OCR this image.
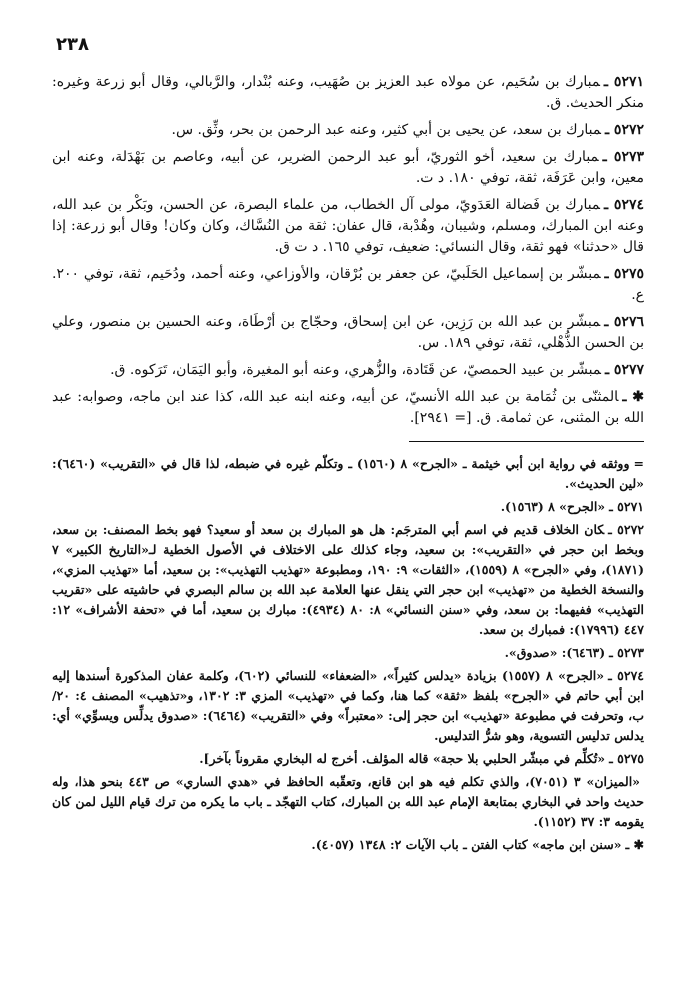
٢٣٨

٥٢٧١ ـمبارك بن سُحَيم، عن مولاه عبد العزيز بن صُهَيب، وعنه بُنْدار، والرَّبالي، وقال أبو زرعة وغيره: منكر الحديث. ق.

٥٢٧٢ ـمبارك بن سعد، عن يحيى بن أبي كثير، وعنه عبد الرحمن بن بحر، وثِّق. س.

٥٢٧٣ ـمبارك بن سعيد، أخو الثوريّ، أبو عبد الرحمن الضرير، عن أبيه، وعاصم بن بَهْدَلة، وعنه ابن معين، وابن عَرَفَة، ثقة، توفي ١٨٠. د ت.

٥٢٧٤ ـمبارك بن فَضالة العَدَويّ، مولى آل الخطاب، من علماء البصرة، عن الحسن، وبَكْر بن عبد الله، وعنه ابن المبارك، ومسلم، وشيبان، وهُدْبة، قال عفان: ثقة من النُسَّاك، وكان وكان! وقال أبو زرعة: إذا قال «حدثنا» فهو ثقة، وقال النسائي: ضعيف، توفي ١٦٥. د ت ق.

٥٢٧٥ ـمبشّر بن إسماعيل الحَلَبيّ، عن جعفر بن بُرْقان، والأوزاعي، وعنه أحمد، ودُحَيم، ثقة، توفي ٢٠٠. ع.

٥٢٧٦ ـمبشّر بن عبد الله بن رَزِين، عن ابن إسحاق، وحجّاج بن أرْطَاة، وعنه الحسين بن منصور، وعلي بن الحسن الذُّهْلي، ثقة، توفي ١٨٩. س.

٥٢٧٧ ـمبشّر بن عبيد الحمصيّ، عن قَتَادة، والزُّهري، وعنه أبو المغيرة، وأبو اليَمَان، تَرَكوه. ق.

✱ ـالمثنّى بن ثُمَامة بن عبد الله الأنسيّ، عن أبيه، وعنه ابنه عبد الله، كذا عند ابن ماجه، وصوابه: عبد الله بن المثنى، عن ثمامة. ق. [= ٢٩٤١].

=ووثقه في رواية ابن أبي خيثمة ـ «الجرح» ٨ (١٥٦٠) ـ وتكلّم غيره في ضبطه، لذا قال في «التقريب» (٦٤٦٠): «لين الحديث».

٥٢٧١ ـ«الجرح» ٨ (١٥٦٣).

٥٢٧٢ ـكان الخلاف قديم في اسم أبي المترجَم: هل هو المبارك بن سعد أو سعيد؟ فهو بخط المصنف: بن سعد، وبخط ابن حجر في «التقريب»: بن سعيد، وجاء كذلك على الاختلاف في الأصول الخطية لـ«التاريخ الكبير» ٧ (١٨٧١)، وفي «الجرح» ٨ (١٥٥٩)، «الثقات» ٩: ١٩٠، ومطبوعة «تهذيب التهذيب»: بن سعيد، أما «تهذيب المزي»، والنسخة الخطية من «تهذيب» ابن حجر التي ينقل عنها العلامة عبد الله بن سالم البصري في حاشيته على «تقريب التهذيب» ففيهما: بن سعد، وفي «سنن النسائي» ٨: ٨٠ (٤٩٣٤): مبارك بن سعيد، أما في «تحفة الأشراف» ١٢: ٤٤٧ (١٧٩٩٦): فمبارك بن سعد.

٥٢٧٣ ـ(٦٤٦٣): «صدوق».

٥٢٧٤ ـ«الجرح» ٨ (١٥٥٧) بزيادة «يدلس كثيراً»، «الضعفاء» للنسائي (٦٠٢)، وكلمة عفان المذكورة أسندها إليه ابن أبي حاتم في «الجرح» بلفظ «ثقة» كما هنا، وكما في «تهذيب» المزي ٣: ١٣٠٢، و«تذهيب» المصنف ٤: ٢٠/ب، وتحرفت في مطبوعة «تهذيب» ابن حجر إلى: «معتبراً» وفي «التقريب» (٦٤٦٤): «صدوق يدلِّس ويسوِّي» أي: يدلس تدليس التسوية، وهو شرُّ التدليس.

٥٢٧٥ ـ«تُكلِّم في مبشّر الحلبي بلا حجة» قاله المؤلف. أخرج له البخاري مقروناً بآخر].

«الميزان» ٣ (٧٠٥١)، والذي تكلم فيه هو ابن قانع، وتعقّبه الحافظ في «هدي الساري» ص ٤٤٣ بنحو هذا، وله حديث واحد في البخاري بمتابعة الإمام عبد الله بن المبارك، كتاب التهجّد ـ باب ما يكره من ترك قيام الليل لمن كان يقومه ٣: ٣٧ (١١٥٢).

✱ ـ«سنن ابن ماجه» كتاب الفتن ـ باب الآيات ٢: ١٣٤٨ (٤٠٥٧).
